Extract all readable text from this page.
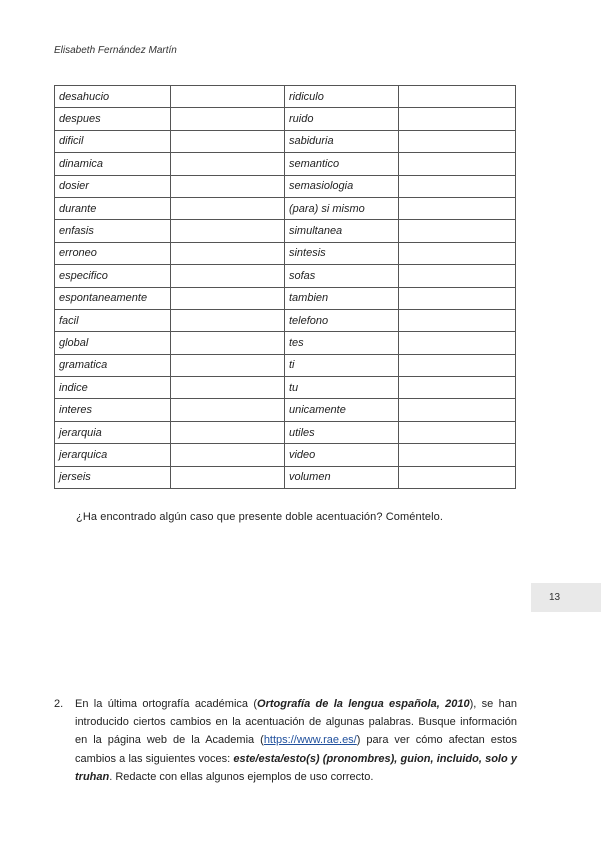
Elisabeth Fernández Martín
desahucio		ridiculo	
despues		ruido	
dificil		sabiduria	
dinamica		semantico	
dosier		semasiologia	
durante		(para) si mismo	
enfasis		simultanea	
erroneo		sintesis	
especifico		sofas	
espontaneamente		tambien	
facil		telefono	
global		tes	
gramatica		ti	
indice		tu	
interes		unicamente	
jerarquia		utiles	
jerarquica		video	
jerseis		volumen	
¿Ha encontrado algún caso que presente doble acentuación? Coméntelo.
13
2. En la última ortografía académica (Ortografía de la lengua española, 2010), se han introducido ciertos cambios en la acentuación de algunas palabras. Busque información en la página web de la Academia (https://www.rae.es/) para ver cómo afectan estos cambios a las siguientes voces: este/esta/esto(s) (pronombres), guion, incluido, solo y truhan. Redacte con ellas algunos ejemplos de uso correcto.
